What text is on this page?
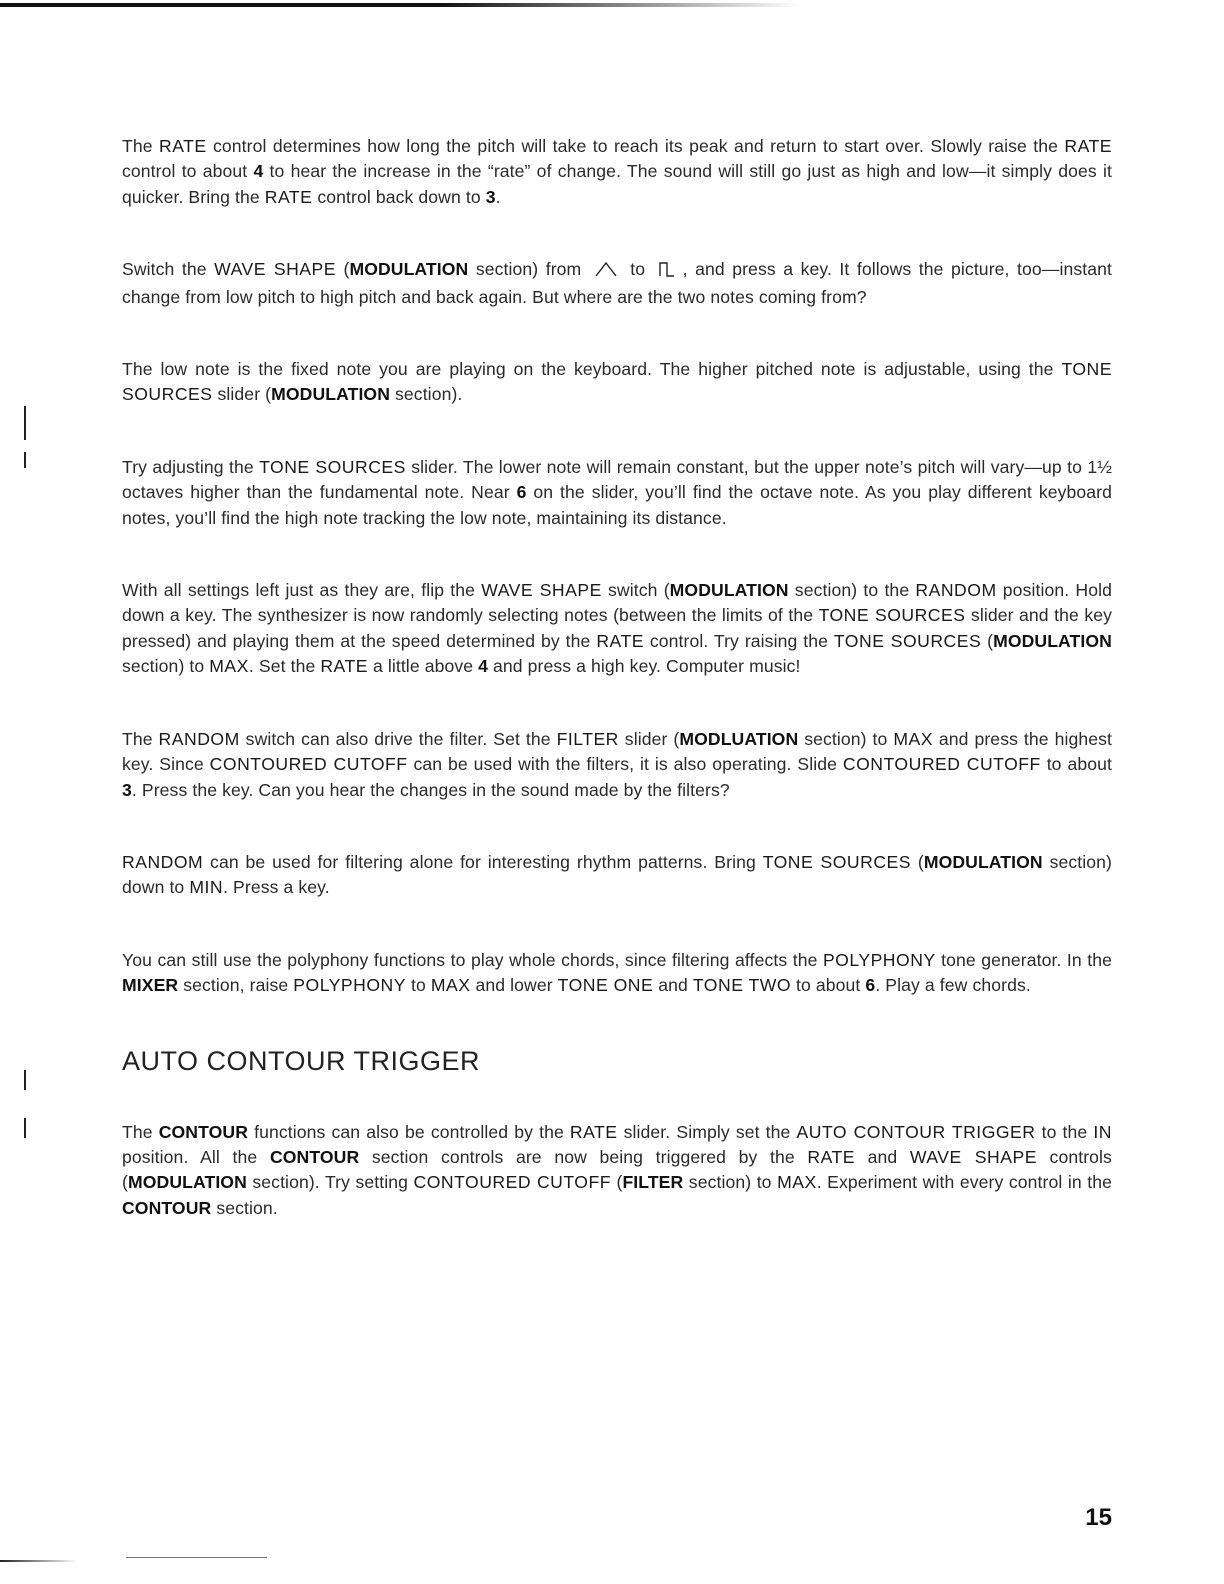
The RATE control determines how long the pitch will take to reach its peak and return to start over. Slowly raise the RATE control to about 4 to hear the increase in the “rate” of change. The sound will still go just as high and low—it simply does it quicker. Bring the RATE control back down to 3.

Switch the WAVE SHAPE (MODULATION section) from  to , and press a key. It follows the picture, too—instant change from low pitch to high pitch and back again. But where are the two notes coming from?

The low note is the fixed note you are playing on the keyboard. The higher pitched note is adjustable, using the TONE SOURCES slider (MODULATION section).

Try adjusting the TONE SOURCES slider. The lower note will remain constant, but the upper note’s pitch will vary—up to 1½ octaves higher than the fundamental note. Near 6 on the slider, you’ll find the octave note. As you play different keyboard notes, you’ll find the high note tracking the low note, maintaining its distance.

With all settings left just as they are, flip the WAVE SHAPE switch (MODULATION section) to the RANDOM position. Hold down a key. The synthesizer is now randomly selecting notes (between the limits of the TONE SOURCES slider and the key pressed) and playing them at the speed determined by the RATE control. Try raising the TONE SOURCES (MODULATION section) to MAX. Set the RATE a little above 4 and press a high key. Computer music!

The RANDOM switch can also drive the filter. Set the FILTER slider (MODLUATION section) to MAX and press the highest key. Since CONTOURED CUTOFF can be used with the filters, it is also operating. Slide CONTOURED CUTOFF to about 3. Press the key. Can you hear the changes in the sound made by the filters?

RANDOM can be used for filtering alone for interesting rhythm patterns. Bring TONE SOURCES (MODULATION section) down to MIN. Press a key.

You can still use the polyphony functions to play whole chords, since filtering affects the POLYPHONY tone generator. In the MIXER section, raise POLYPHONY to MAX and lower TONE ONE and TONE TWO to about 6. Play a few chords.

AUTO CONTOUR TRIGGER

The CONTOUR functions can also be controlled by the RATE slider. Simply set the AUTO CONTOUR TRIGGER to the IN position. All the CONTOUR section controls are now being triggered by the RATE and WAVE SHAPE controls (MODULATION section). Try setting CONTOURED CUTOFF (FILTER section) to MAX. Experiment with every control in the CONTOUR section.

15
